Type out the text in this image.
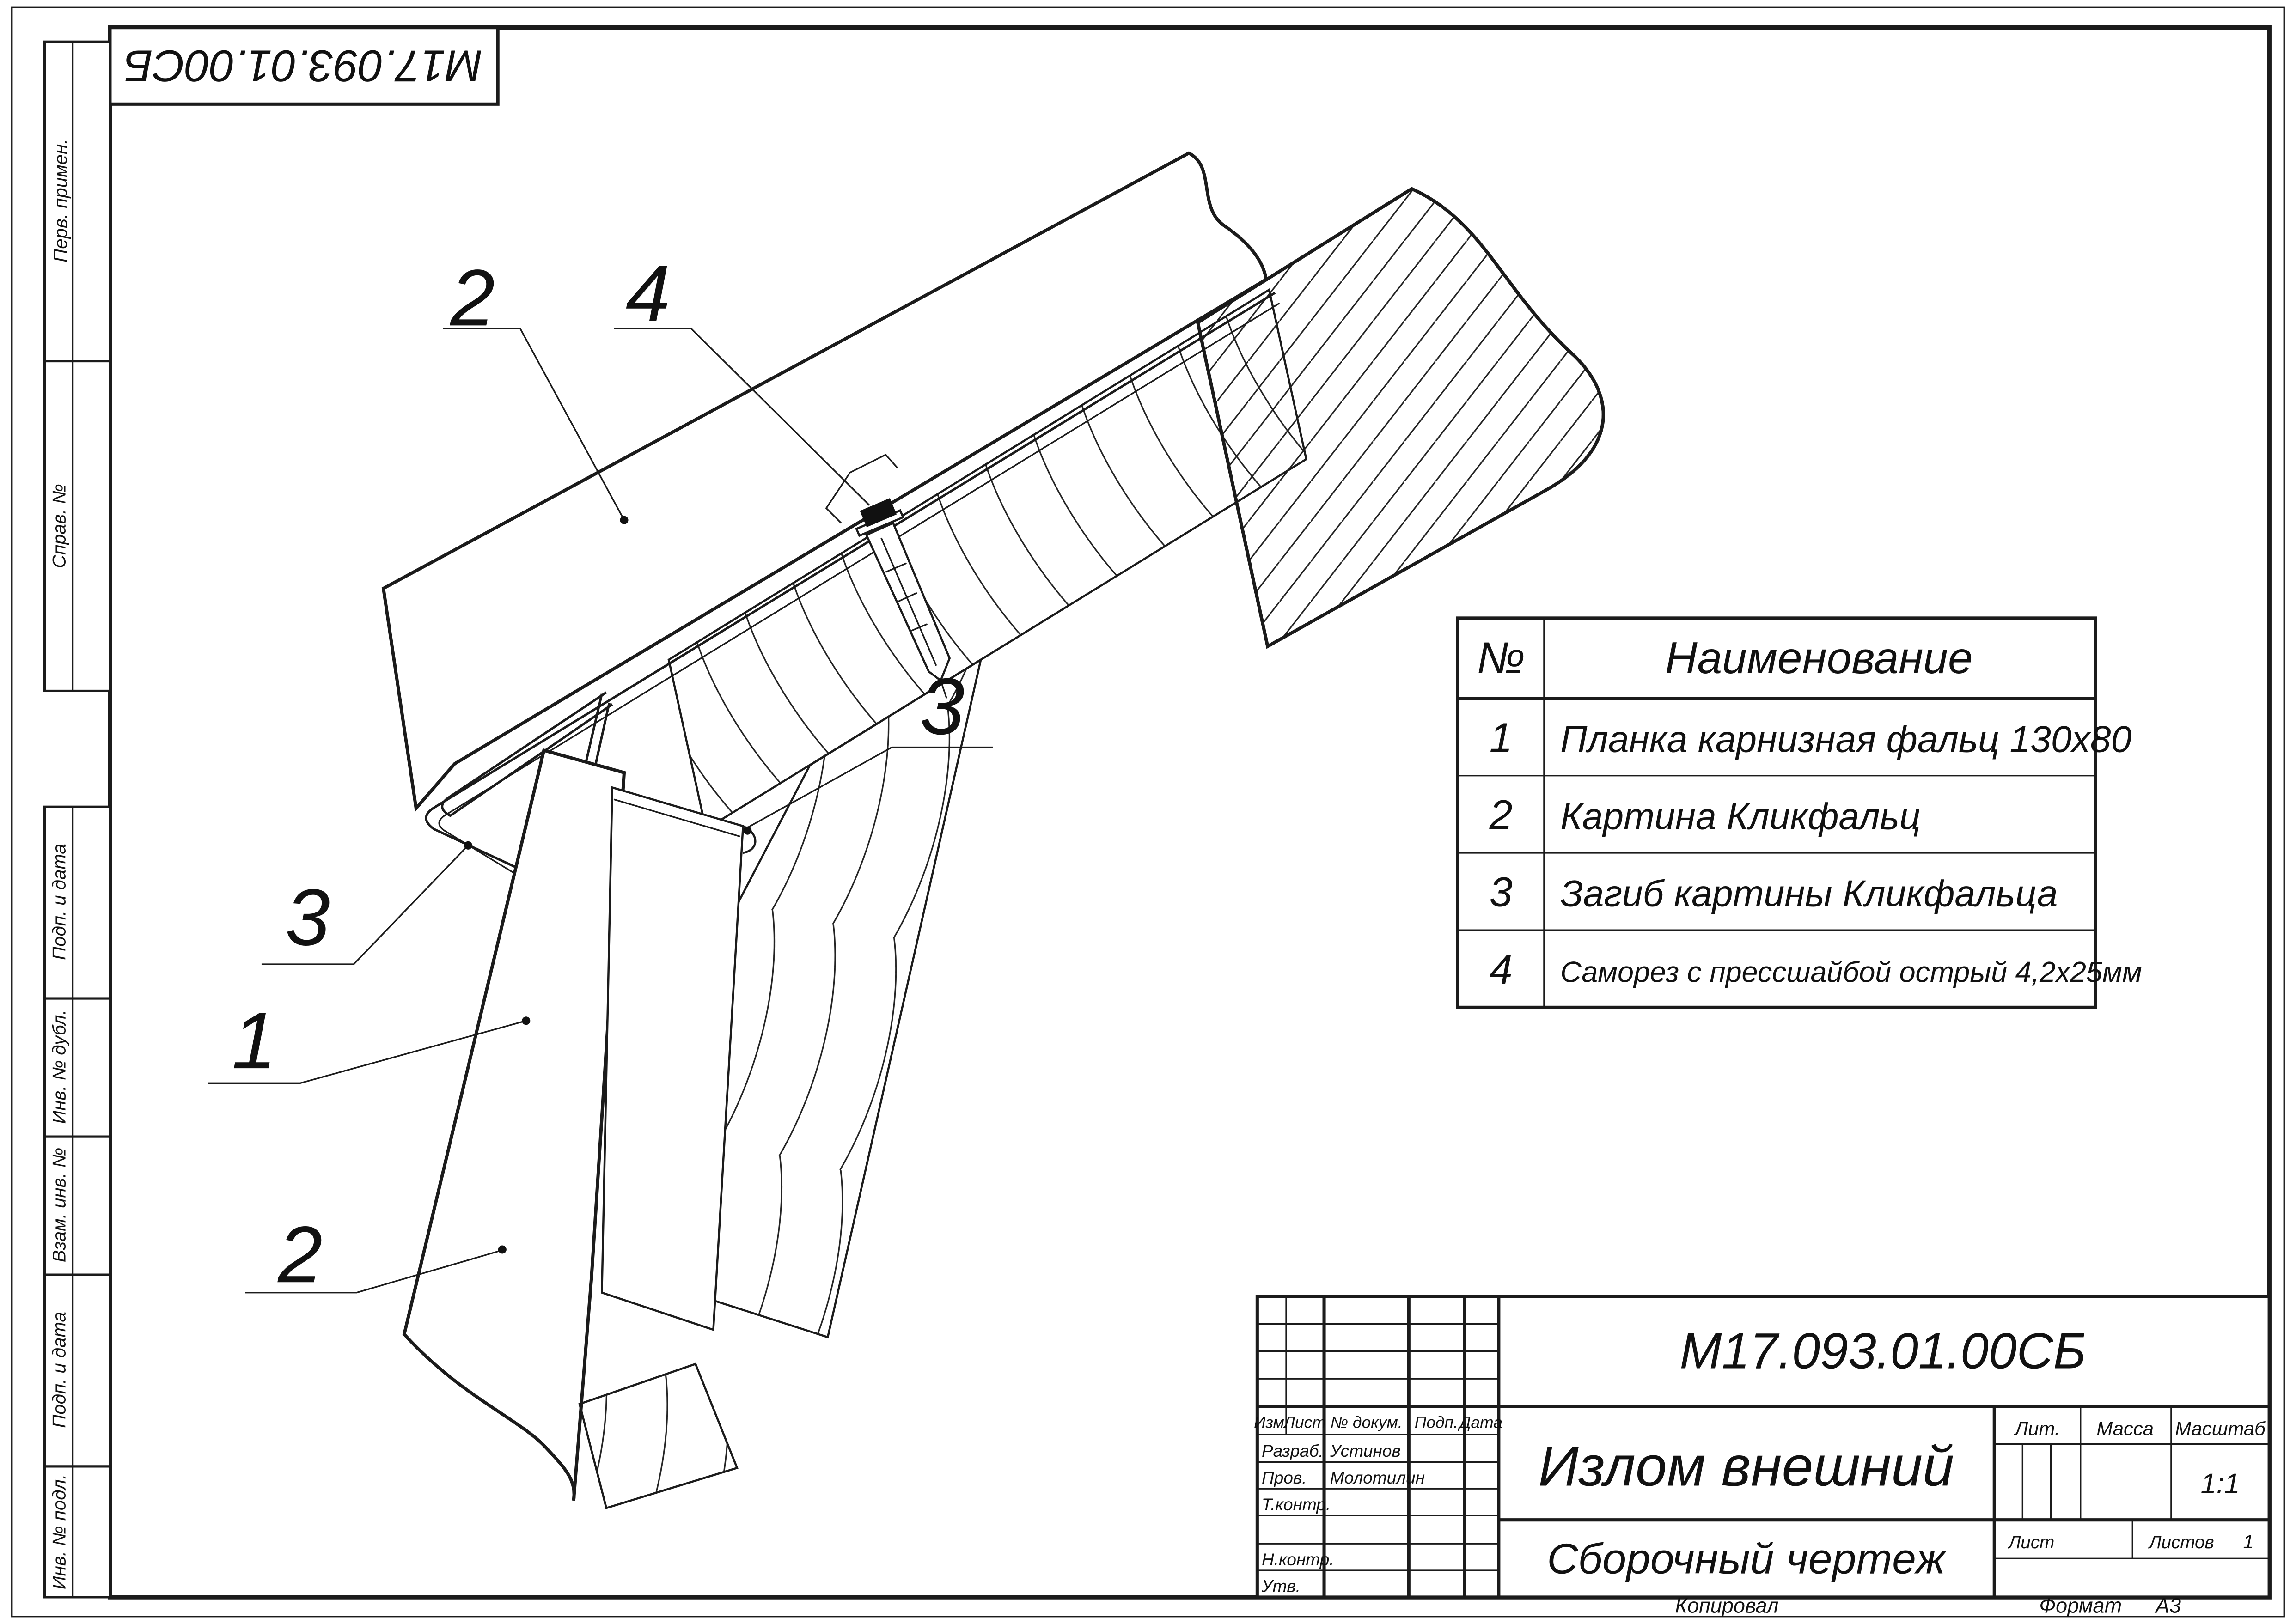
М17.093.01.00СБ
Перв. примен.
Справ. №
Подп. и дата
Инв. № дубл.
Взам. инв. №
Подп. и дата
Инв. № подл.
2	4
3
3
1
2
№	Наименование
1	Планка карнизная фальц 130х80
2	Картина Кликфальц
3	Загиб картины Кликфальца
4	Саморез с прессшайбой острый 4,2х25мм
М17.093.01.00СБ
Изм.
Лист № докум. Подп. Дата
Разраб. Устинов
Пров.	Молотилин
Т.контр.
Н.контр.
Утв.
Излом внешний
Сборочный чертеж
Лит.	Масса	Масштаб
1:1
Лист	Листов	1
Копировал	Формат	А3
